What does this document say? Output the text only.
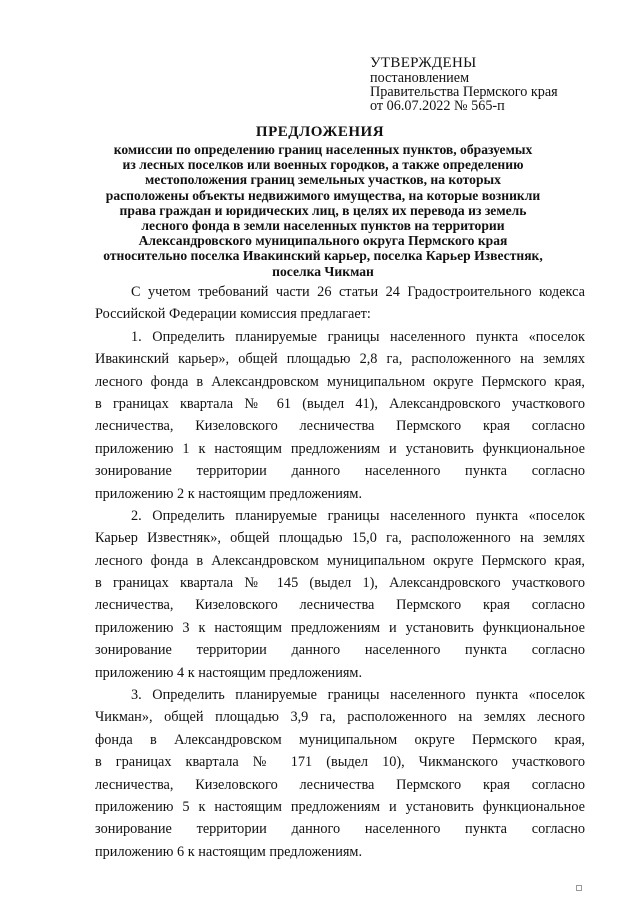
УТВЕРЖДЕНЫ
постановлением
Правительства Пермского края
от 06.07.2022 № 565-п
ПРЕДЛОЖЕНИЯ
комиссии по определению границ населенных пунктов, образуемых
из лесных поселков или военных городков, а также определению
местоположения границ земельных участков, на которых
расположены объекты недвижимого имущества, на которые возникли
права граждан и юридических лиц, в целях их перевода из земель
лесного фонда в земли населенных пунктов на территории
Александровского муниципального округа Пермского края
относительно поселка Ивакинский карьер, поселка Карьер Известняк,
поселка Чикман
С учетом требований части 26 статьи 24 Градостроительного кодекса
Российской Федерации комиссия предлагает:
1. Определить планируемые границы населенного пункта «поселок
Ивакинский карьер», общей площадью 2,8 га, расположенного на землях
лесного фонда в Александровском муниципальном округе Пермского края,
в границах квартала № 61 (выдел 41), Александровского участкового
лесничества, Кизеловского лесничества Пермского края согласно
приложению 1 к настоящим предложениям и установить функциональное
зонирование территории данного населенного пункта согласно
приложению 2 к настоящим предложениям.
2. Определить планируемые границы населенного пункта «поселок
Карьер Известняк», общей площадью 15,0 га, расположенного на землях
лесного фонда в Александровском муниципальном округе Пермского края,
в границах квартала № 145 (выдел 1), Александровского участкового
лесничества, Кизеловского лесничества Пермского края согласно
приложению 3 к настоящим предложениям и установить функциональное
зонирование территории данного населенного пункта согласно
приложению 4 к настоящим предложениям.
3. Определить планируемые границы населенного пункта «поселок
Чикман», общей площадью 3,9 га, расположенного на землях лесного
фонда в Александровском муниципальном округе Пермского края,
в границах квартала № 171 (выдел 10), Чикманского участкового
лесничества, Кизеловского лесничества Пермского края согласно
приложению 5 к настоящим предложениям и установить функциональное
зонирование территории данного населенного пункта согласно
приложению 6 к настоящим предложениям.
